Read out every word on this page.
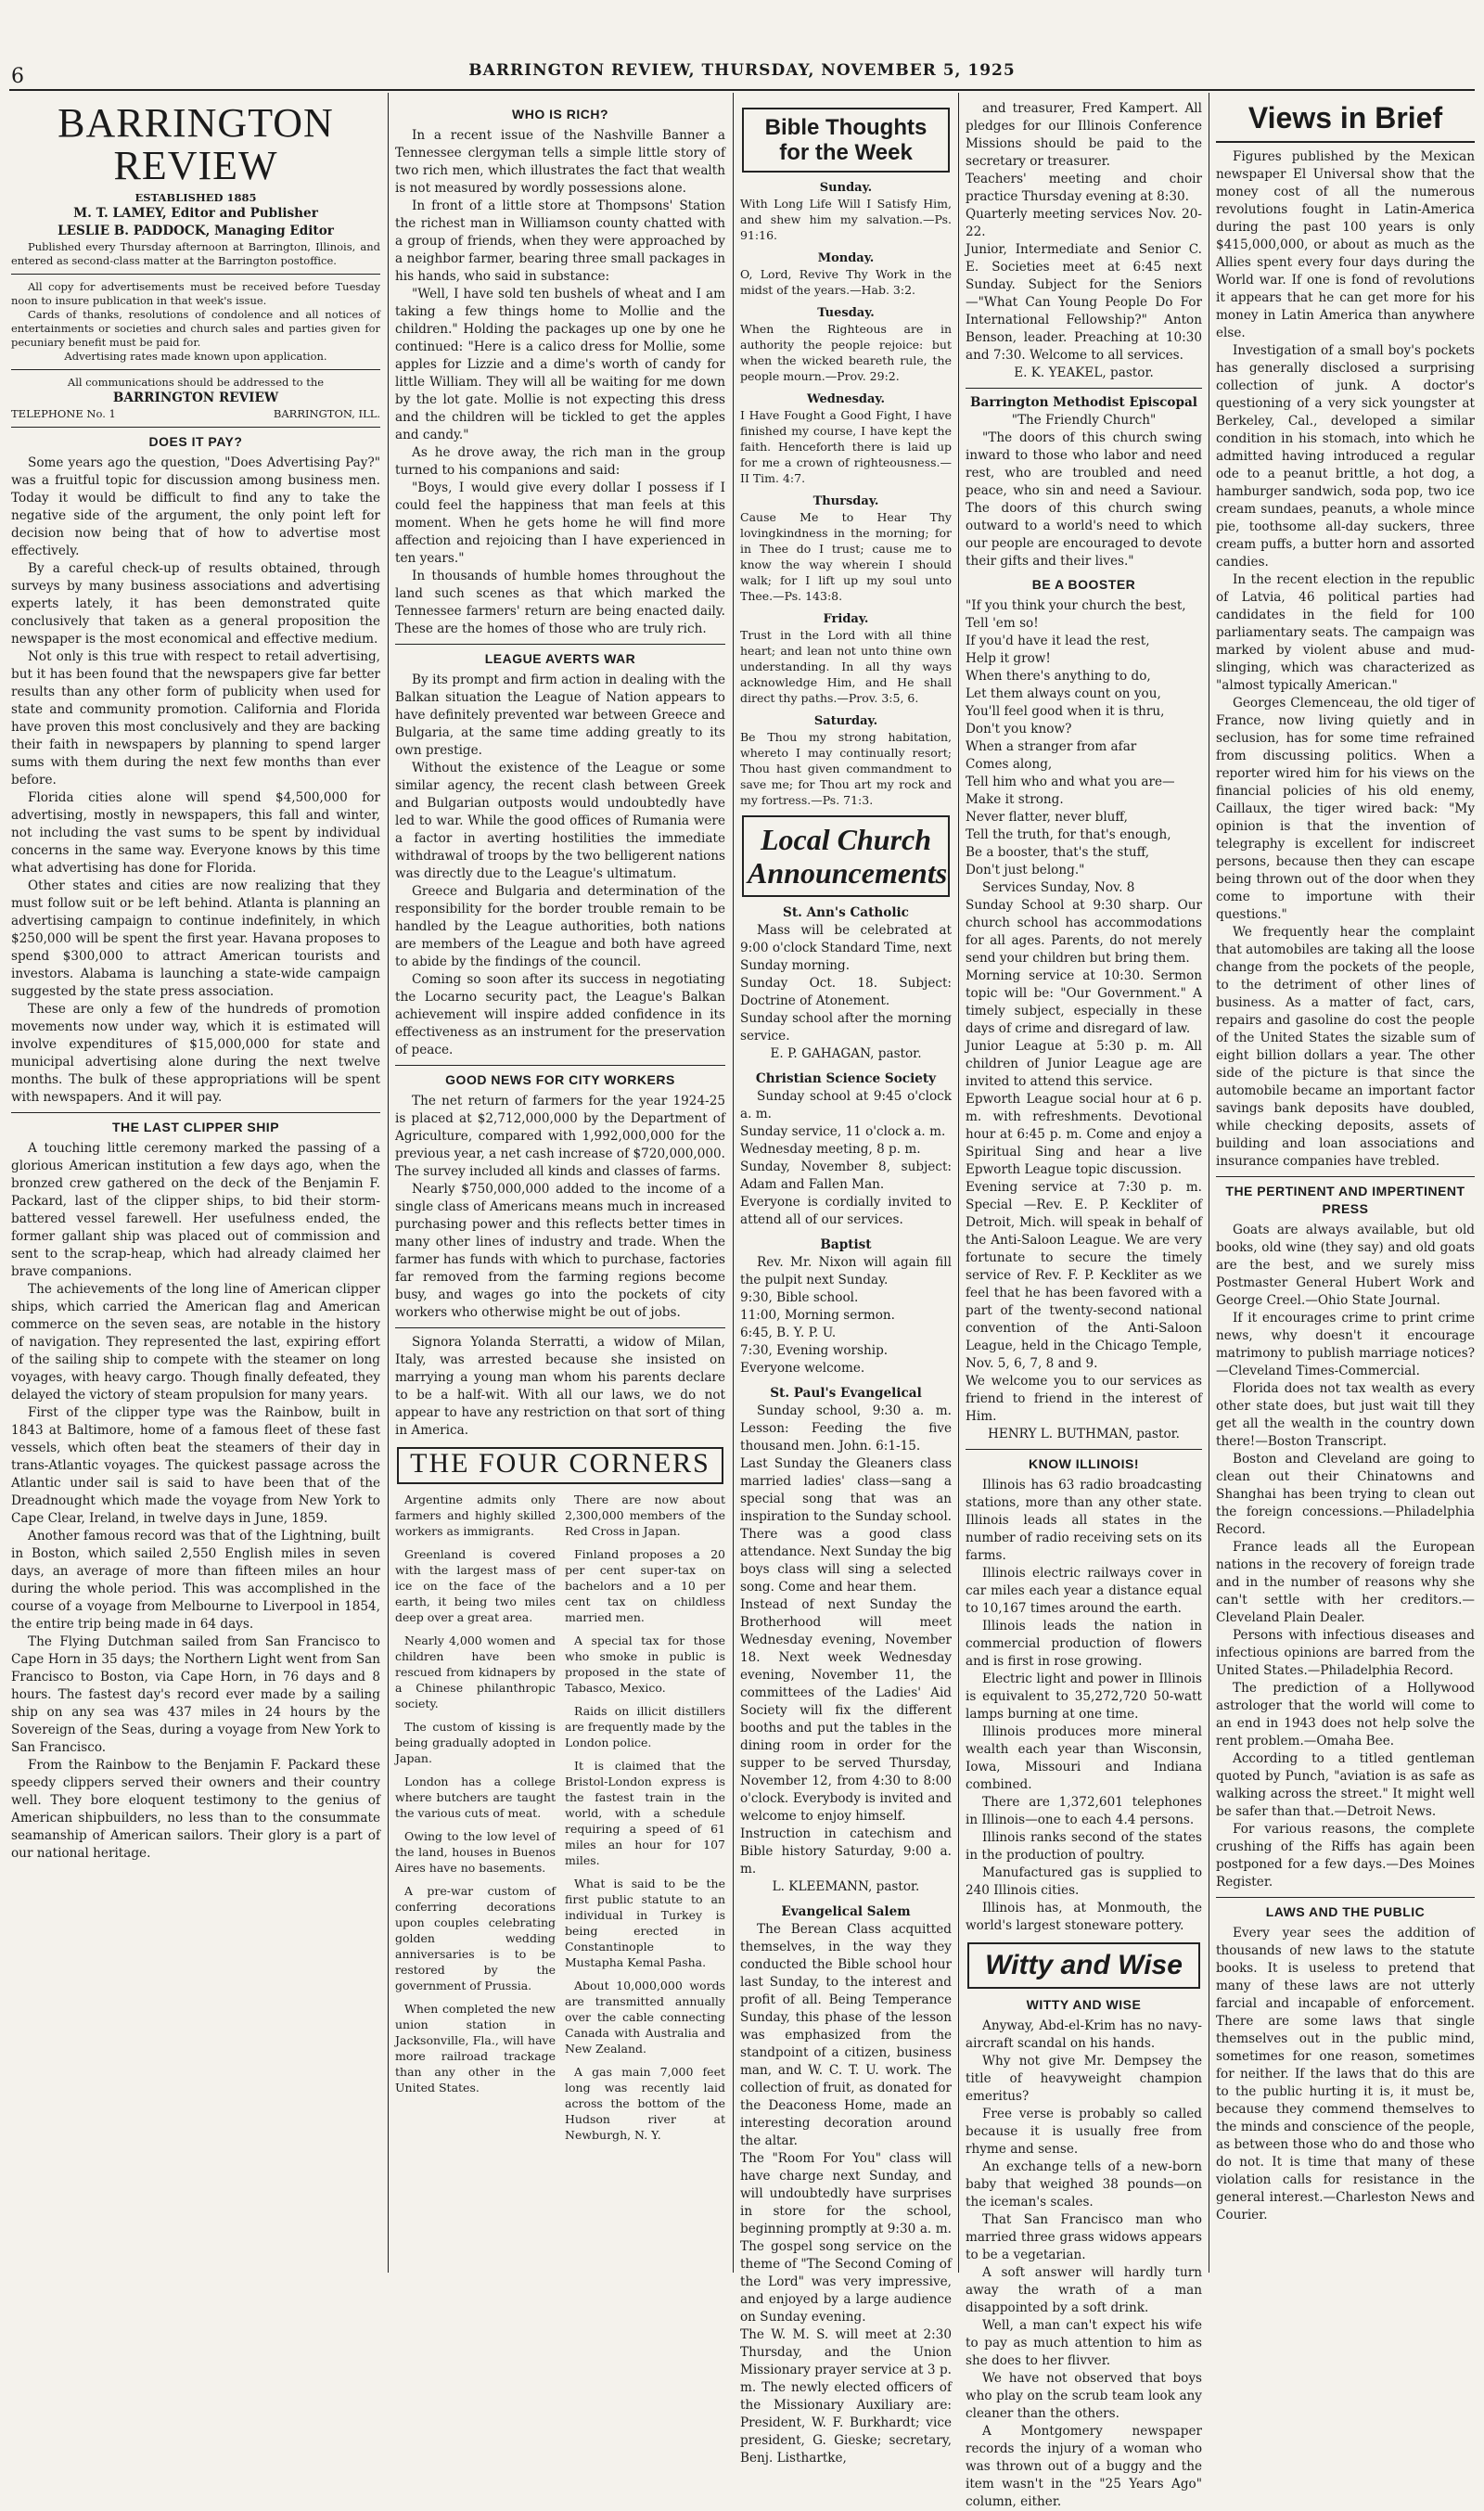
6	BARRINGTON REVIEW, THURSDAY, NOVEMBER 5, 1925
BARRINGTON REVIEW

ESTABLISHED 1885

M. T. LAMEY, Editor and Publisher

LESLIE B. PADDOCK, Managing Editor

Published every Thursday afternoon at Barrington, Illinois, and entered as second-class matter at the Barrington postoffice.

All copy for advertisements must be received before Tuesday noon to insure publication in that week's issue.

Cards of thanks, resolutions of condolence and all notices of entertainments or societies and church sales and parties given for pecuniary benefit must be paid for.

Advertising rates made known upon application.

All communications should be addressed to the

BARRINGTON REVIEW

TELEPHONE No. 1	BARRINGTON, ILL.
DOES IT PAY?

Some years ago the question, "Does Advertising Pay?" was a fruitful topic for discussion among business men. Today it would be difficult to find any to take the negative side of the argument, the only point left for decision now being that of how to advertise most effectively.

By a careful check-up of results obtained, through surveys by many business associations and advertising experts lately, it has been demonstrated quite conclusively that taken as a general proposition the newspaper is the most economical and effective medium.

Not only is this true with respect to retail advertising, but it has been found that the newspapers give far better results than any other form of publicity when used for state and community promotion. California and Florida have proven this most conclusively and they are backing their faith in newspapers by planning to spend larger sums with them during the next few months than ever before.

Florida cities alone will spend $4,500,000 for advertising, mostly in newspapers, this fall and winter, not including the vast sums to be spent by individual concerns in the same way. Everyone knows by this time what advertising has done for Florida.

Other states and cities are now realizing that they must follow suit or be left behind. Atlanta is planning an advertising campaign to continue indefinitely, in which $250,000 will be spent the first year. Havana proposes to spend $300,000 to attract American tourists and investors. Alabama is launching a state-wide campaign suggested by the state press association.

These are only a few of the hundreds of promotion movements now under way, which it is estimated will involve expenditures of $15,000,000 for state and municipal advertising alone during the next twelve months. The bulk of these appropriations will be spent with newspapers. And it will pay.

THE LAST CLIPPER SHIP

A touching little ceremony marked the passing of a glorious American institution a few days ago, when the bronzed crew gathered on the deck of the Benjamin F. Packard, last of the clipper ships, to bid their storm-battered vessel farewell. Her usefulness ended, the former gallant ship was placed out of commission and sent to the scrap-heap, which had already claimed her brave companions.

The achievements of the long line of American clipper ships, which carried the American flag and American commerce on the seven seas, are notable in the history of navigation. They represented the last, expiring effort of the sailing ship to compete with the steamer on long voyages, with heavy cargo. Though finally defeated, they delayed the victory of steam propulsion for many years.

First of the clipper type was the Rainbow, built in 1843 at Baltimore, home of a famous fleet of these fast vessels, which often beat the steamers of their day in trans-Atlantic voyages. The quickest passage across the Atlantic under sail is said to have been that of the Dreadnought which made the voyage from New York to Cape Clear, Ireland, in twelve days in June, 1859.

Another famous record was that of the Lightning, built in Boston, which sailed 2,550 English miles in seven days, an average of more than fifteen miles an hour during the whole period. This was accomplished in the course of a voyage from Melbourne to Liverpool in 1854, the entire trip being made in 64 days.

The Flying Dutchman sailed from San Francisco to Cape Horn in 35 days; the Northern Light went from San Francisco to Boston, via Cape Horn, in 76 days and 8 hours. The fastest day's record ever made by a sailing ship on any sea was 437 miles in 24 hours by the Sovereign of the Seas, during a voyage from New York to San Francisco.

From the Rainbow to the Benjamin F. Packard these speedy clippers served their owners and their country well. They bore eloquent testimony to the genius of American shipbuilders, no less than to the consummate seamanship of American sailors. Their glory is a part of our national heritage.

WHO IS RICH?

In a recent issue of the Nashville Banner a Tennessee clergyman tells a simple little story of two rich men, which illustrates the fact that wealth is not measured by wordly possessions alone.

In front of a little store at Thompsons' Station the richest man in Williamson county chatted with a group of friends, when they were approached by a neighbor farmer, bearing three small packages in his hands, who said in substance:

"Well, I have sold ten bushels of wheat and I am taking a few things home to Mollie and the children." Holding the packages up one by one he continued: "Here is a calico dress for Mollie, some apples for Lizzie and a dime's worth of candy for little William. They will all be waiting for me down by the lot gate. Mollie is not expecting this dress and the children will be tickled to get the apples and candy."

As he drove away, the rich man in the group turned to his companions and said:

"Boys, I would give every dollar I possess if I could feel the happiness that man feels at this moment. When he gets home he will find more affection and rejoicing than I have experienced in ten years."

In thousands of humble homes throughout the land such scenes as that which marked the Tennessee farmers' return are being enacted daily. These are the homes of those who are truly rich.

LEAGUE AVERTS WAR

By its prompt and firm action in dealing with the Balkan situation the League of Nation appears to have definitely prevented war between Greece and Bulgaria, at the same time adding greatly to its own prestige.

Without the existence of the League or some similar agency, the recent clash between Greek and Bulgarian outposts would undoubtedly have led to war. While the good offices of Rumania were a factor in averting hostilities the immediate withdrawal of troops by the two belligerent nations was directly due to the League's ultimatum.

Greece and Bulgaria and determination of the responsibility for the border trouble remain to be handled by the League authorities, both nations are members of the League and both have agreed to abide by the findings of the council.

Coming so soon after its success in negotiating the Locarno security pact, the League's Balkan achievement will inspire added confidence in its effectiveness as an instrument for the preservation of peace.

GOOD NEWS FOR CITY WORKERS

The net return of farmers for the year 1924-25 is placed at $2,712,000,000 by the Department of Agriculture, compared with 1,992,000,000 for the previous year, a net cash increase of $720,000,000. The survey included all kinds and classes of farms.

Nearly $750,000,000 added to the income of a single class of Americans means much in increased purchasing power and this reflects better times in many other lines of industry and trade. When the farmer has funds with which to purchase, factories far removed from the farming regions become busy, and wages go into the pockets of city workers who otherwise might be out of jobs.

Signora Yolanda Sterratti, a widow of Milan, Italy, was arrested because she insisted on marrying a young man whom his parents declare to be a half-wit. With all our laws, we do not appear to have any restriction on that sort of thing in America.

THE FOUR CORNERS

Argentine admits only farmers and highly skilled workers as immigrants.

Greenland is covered with the largest mass of ice on the face of the earth, it being two miles deep over a great area.

Nearly 4,000 women and children have been rescued from kidnapers by a Chinese philanthropic society.

The custom of kissing is being gradually adopted in Japan.

London has a college where butchers are taught the various cuts of meat.

Owing to the low level of the land, houses in Buenos Aires have no basements.

A pre-war custom of conferring decorations upon couples celebrating golden wedding anniversaries is to be restored by the government of Prussia.

When completed the new union station in Jacksonville, Fla., will have more railroad trackage than any other in the United States.

There are now about 2,300,000 members of the Red Cross in Japan.

Finland proposes a 20 per cent super-tax on bachelors and a 10 per cent tax on childless married men.

A special tax for those who smoke in public is proposed in the state of Tabasco, Mexico.

Raids on illicit distillers are frequently made by the London police.

It is claimed that the Bristol-London express is the fastest train in the world, with a schedule requiring a speed of 61 miles an hour for 107 miles.

What is said to be the first public statute to an individual in Turkey is being erected in Constantinople to Mustapha Kemal Pasha.

About 10,000,000 words are transmitted annually over the cable connecting Canada with Australia and New Zealand.

A gas main 7,000 feet long was recently laid across the bottom of the Hudson river at Newburgh, N. Y.

Bible Thoughts for the Week
Sunday.
With Long Life Will I Satisfy Him, and shew him my salvation.—Ps. 91:16.
Monday.
O, Lord, Revive Thy Work in the midst of the years.—Hab. 3:2.
Tuesday.
When the Righteous are in authority the people rejoice: but when the wicked beareth rule, the people mourn.—Prov. 29:2.
Wednesday.
I Have Fought a Good Fight, I have finished my course, I have kept the faith. Henceforth there is laid up for me a crown of righteousness.—II Tim. 4:7.
Thursday.
Cause Me to Hear Thy lovingkindness in the morning; for in Thee do I trust; cause me to know the way wherein I should walk; for I lift up my soul unto Thee.—Ps. 143:8.
Friday.
Trust in the Lord with all thine heart; and lean not unto thine own understanding. In all thy ways acknowledge Him, and He shall direct thy paths.—Prov. 3:5, 6.
Saturday.
Be Thou my strong habitation, whereto I may continually resort; Thou hast given commandment to save me; for Thou art my rock and my fortress.—Ps. 71:3.
Local Church Announcements

St. Ann's Catholic

Mass will be celebrated at 9:00 o'clock Standard Time, next Sunday morning.
Sunday Oct. 18. Subject: Doctrine of Atonement.
Sunday school after the morning service.

E. P. GAHAGAN, pastor.

Christian Science Society

Sunday school at 9:45 o'clock a. m.
Sunday service, 11 o'clock a. m.
Wednesday meeting, 8 p. m.
Sunday, November 8, subject: Adam and Fallen Man.
Everyone is cordially invited to attend all of our services.

Baptist

Rev. Mr. Nixon will again fill the pulpit next Sunday.
9:30, Bible school.
11:00, Morning sermon.
6:45, B. Y. P. U.
7:30, Evening worship.
Everyone welcome.

St. Paul's Evangelical

Sunday school, 9:30 a. m. Lesson: Feeding the five thousand men. John. 6:1-15.
Last Sunday the Gleaners class married ladies' class—sang a special song that was an inspiration to the Sunday school. There was a good class attendance. Next Sunday the big boys class will sing a selected song. Come and hear them.
Instead of next Sunday the Brotherhood will meet Wednesday evening, November 18. Next week Wednesday evening, November 11, the committees of the Ladies' Aid Society will fix the different booths and put the tables in the dining room in order for the supper to be served Thursday, November 12, from 4:30 to 8:00 o'clock. Everybody is invited and welcome to enjoy himself.
Instruction in catechism and Bible history Saturday, 9:00 a. m.

L. KLEEMANN, pastor.

Evangelical Salem

The Berean Class acquitted themselves, in the way they conducted the Bible school hour last Sunday, to the interest and profit of all. Being Temperance Sunday, this phase of the lesson was emphasized from the standpoint of a citizen, business man, and W. C. T. U. work. The collection of fruit, as donated for the Deaconess Home, made an interesting decoration around the altar.
The "Room For You" class will have charge next Sunday, and will undoubtedly have surprises in store for the school, beginning promptly at 9:30 a. m. The gospel song service on the theme of "The Second Coming of the Lord" was very impressive, and enjoyed by a large audience on Sunday evening.
The W. M. S. will meet at 2:30 Thursday, and the Union Missionary prayer service at 3 p. m. The newly elected officers of the Missionary Auxiliary are: President, W. F. Burkhardt; vice president, G. Gieske; secretary, Benj. Listhartke,

and treasurer, Fred Kampert. All pledges for our Illinois Conference Missions should be paid to the secretary or treasurer.
Teachers' meeting and choir practice Thursday evening at 8:30.
Quarterly meeting services Nov. 20-22.
Junior, Intermediate and Senior C. E. Societies meet at 6:45 next Sunday. Subject for the Seniors—"What Can Young People Do For International Fellowship?" Anton Benson, leader. Preaching at 10:30 and 7:30. Welcome to all services.

E. K. YEAKEL, pastor.

Barrington Methodist Episcopal

"The Friendly Church"

"The doors of this church swing inward to those who labor and need rest, who are troubled and need peace, who sin and need a Saviour. The doors of this church swing outward to a world's need to which our people are encouraged to devote their gifts and their lives."

BE A BOOSTER

"If you think your church the best,
Tell 'em so!
If you'd have it lead the rest,
Help it grow!
When there's anything to do,
Let them always count on you,
You'll feel good when it is thru,
Don't you know?
When a stranger from afar
Comes along,
Tell him who and what you are—
Make it strong.
Never flatter, never bluff,
Tell the truth, for that's enough,
Be a booster, that's the stuff,
Don't just belong."

Services Sunday, Nov. 8
Sunday School at 9:30 sharp. Our church school has accommodations for all ages. Parents, do not merely send your children but bring them.
Morning service at 10:30. Sermon topic will be: "Our Government." A timely subject, especially in these days of crime and disregard of law.
Junior League at 5:30 p. m. All children of Junior League age are invited to attend this service.
Epworth League social hour at 6 p. m. with refreshments. Devotional hour at 6:45 p. m. Come and enjoy a Spiritual Sing and hear a live Epworth League topic discussion.
Evening service at 7:30 p. m. Special —Rev. E. P. Keckliter of Detroit, Mich. will speak in behalf of the Anti-Saloon League. We are very fortunate to secure the timely service of Rev. F. P. Keckliter as we feel that he has been favored with a part of the twenty-second national convention of the Anti-Saloon League, held in the Chicago Temple, Nov. 5, 6, 7, 8 and 9.
We welcome you to our services as friend to friend in the interest of Him.

HENRY L. BUTHMAN, pastor.

KNOW ILLINOIS!

Illinois has 63 radio broadcasting stations, more than any other state. Illinois leads all states in the number of radio receiving sets on its farms.

Illinois electric railways cover in car miles each year a distance equal to 10,167 times around the earth.

Illinois leads the nation in commercial production of flowers and is first in rose growing.

Electric light and power in Illinois is equivalent to 35,272,720 50-watt lamps burning at one time.

Illinois produces more mineral wealth each year than Wisconsin, Iowa, Missouri and Indiana combined.

There are 1,372,601 telephones in Illinois—one to each 4.4 persons.

Illinois ranks second of the states in the production of poultry.

Manufactured gas is supplied to 240 Illinois cities.

Illinois has, at Monmouth, the world's largest stoneware pottery.

Witty and Wise
WITTY AND WISE

Anyway, Abd-el-Krim has no navy-aircraft scandal on his hands.

Why not give Mr. Dempsey the title of heavyweight champion emeritus?

Free verse is probably so called because it is usually free from rhyme and sense.

An exchange tells of a new-born baby that weighed 38 pounds—on the iceman's scales.

That San Francisco man who married three grass widows appears to be a vegetarian.

A soft answer will hardly turn away the wrath of a man disappointed by a soft drink.

Well, a man can't expect his wife to pay as much attention to him as she does to her flivver.

We have not observed that boys who play on the scrub team look any cleaner than the others.

A Montgomery newspaper records the injury of a woman who was thrown out of a buggy and the item wasn't in the "25 Years Ago" column, either.

Views in Brief

Figures published by the Mexican newspaper El Universal show that the money cost of all the numerous revolutions fought in Latin-America during the past 100 years is only $415,000,000, or about as much as the Allies spent every four days during the World war. If one is fond of revolutions it appears that he can get more for his money in Latin America than anywhere else.

Investigation of a small boy's pockets has generally disclosed a surprising collection of junk. A doctor's questioning of a very sick youngster at Berkeley, Cal., developed a similar condition in his stomach, into which he admitted having introduced a regular ode to a peanut brittle, a hot dog, a hamburger sandwich, soda pop, two ice cream sundaes, peanuts, a whole mince pie, toothsome all-day suckers, three cream puffs, a butter horn and assorted candies.

In the recent election in the republic of Latvia, 46 political parties had candidates in the field for 100 parliamentary seats. The campaign was marked by violent abuse and mud-slinging, which was characterized as "almost typically American."

Georges Clemenceau, the old tiger of France, now living quietly and in seclusion, has for some time refrained from discussing politics. When a reporter wired him for his views on the financial policies of his old enemy, Caillaux, the tiger wired back: "My opinion is that the invention of telegraphy is excellent for indiscreet persons, because then they can escape being thrown out of the door when they come to importune with their questions."

We frequently hear the complaint that automobiles are taking all the loose change from the pockets of the people, to the detriment of other lines of business. As a matter of fact, cars, repairs and gasoline do cost the people of the United States the sizable sum of eight billion dollars a year. The other side of the picture is that since the automobile became an important factor savings bank deposits have doubled, while checking deposits, assets of building and loan associations and insurance companies have trebled.

THE PERTINENT AND IMPERTINENT PRESS

Goats are always available, but old books, old wine (they say) and old goats are the best, and we surely miss Postmaster General Hubert Work and George Creel.—Ohio State Journal.

If it encourages crime to print crime news, why doesn't it encourage matrimony to publish marriage notices?—Cleveland Times-Commercial.

Florida does not tax wealth as every other state does, but just wait till they get all the wealth in the country down there!—Boston Transcript.

Boston and Cleveland are going to clean out their Chinatowns and Shanghai has been trying to clean out the foreign concessions.—Philadelphia Record.

France leads all the European nations in the recovery of foreign trade and in the number of reasons why she can't settle with her creditors.—Cleveland Plain Dealer.

Persons with infectious diseases and infectious opinions are barred from the United States.—Philadelphia Record.

The prediction of a Hollywood astrologer that the world will come to an end in 1943 does not help solve the rent problem.—Omaha Bee.

According to a titled gentleman quoted by Punch, "aviation is as safe as walking across the street." It might well be safer than that.—Detroit News.

For various reasons, the complete crushing of the Riffs has again been postponed for a few days.—Des Moines Register.

LAWS AND THE PUBLIC

Every year sees the addition of thousands of new laws to the statute books. It is useless to pretend that many of these laws are not utterly farcial and incapable of enforcement. There are some laws that single themselves out in the public mind, sometimes for one reason, sometimes for neither. If the laws that do this are to the public hurting it is, it must be, because they commend themselves to the minds and conscience of the people, as between those who do and those who do not. It is time that many of these violation calls for resistance in the general interest.—Charleston News and Courier.
